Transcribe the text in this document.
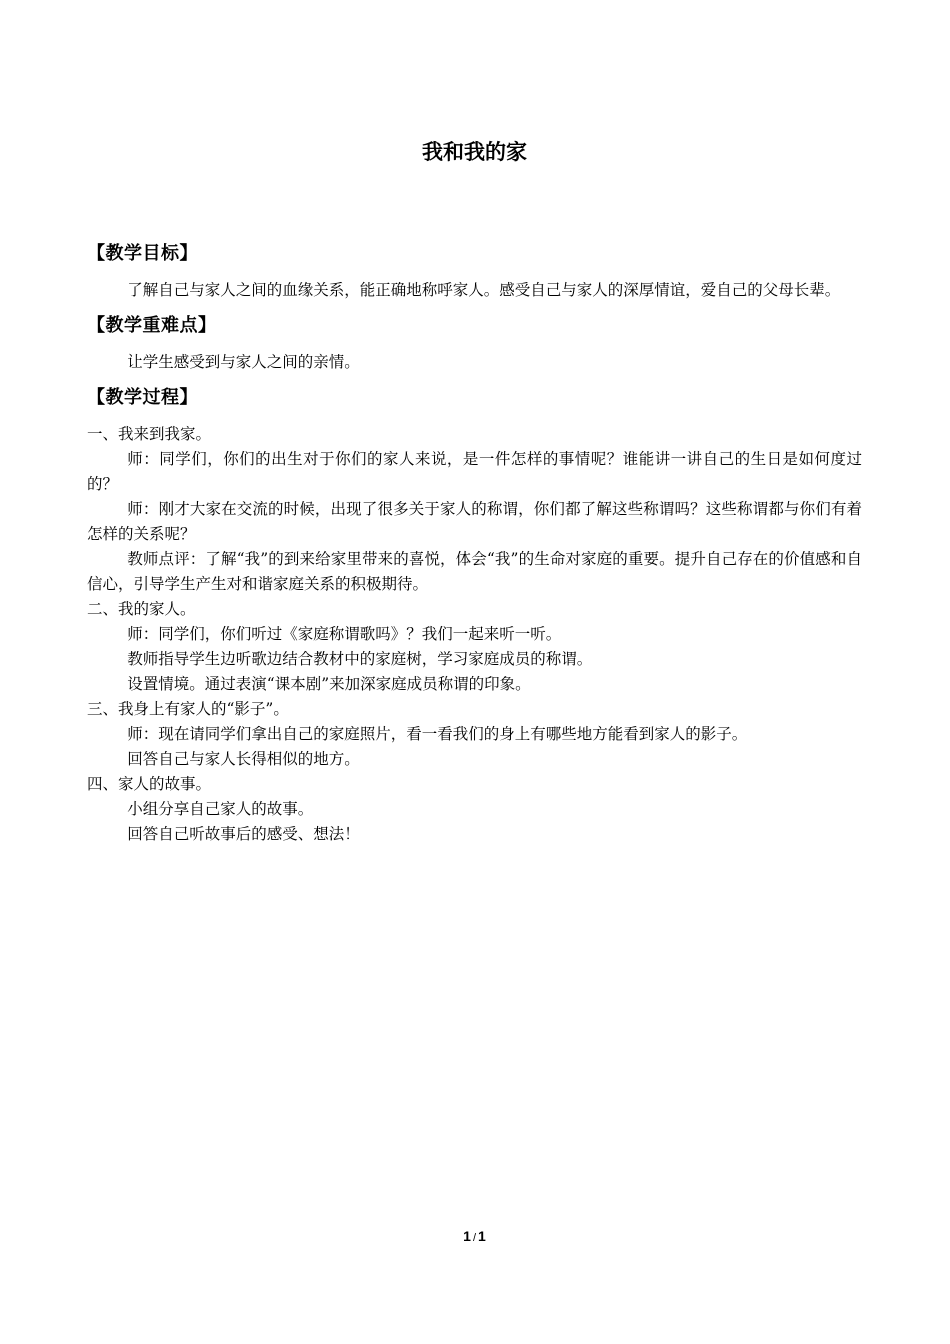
我和我的家

【教学目标】

了解自己与家人之间的血缘关系，能正确地称呼家人。感受自己与家人的深厚情谊，爱自己的父母长辈。

【教学重难点】

让学生感受到与家人之间的亲情。

【教学过程】

一、我来到我家。

师：同学们，你们的出生对于你们的家人来说，是一件怎样的事情呢？谁能讲一讲自己的生日是如何度过的？

师：刚才大家在交流的时候，出现了很多关于家人的称谓，你们都了解这些称谓吗？这些称谓都与你们有着怎样的关系呢？

教师点评：了解“我”的到来给家里带来的喜悦，体会“我”的生命对家庭的重要。提升自己存在的价值感和自信心，引导学生产生对和谐家庭关系的积极期待。

二、我的家人。

师：同学们，你们听过《家庭称谓歌吗》？我们一起来听一听。

教师指导学生边听歌边结合教材中的家庭树，学习家庭成员的称谓。

设置情境。通过表演“课本剧”来加深家庭成员称谓的印象。

三、我身上有家人的“影子”。

师：现在请同学们拿出自己的家庭照片，看一看我们的身上有哪些地方能看到家人的影子。

回答自己与家人长得相似的地方。

四、家人的故事。

小组分享自己家人的故事。

回答自己听故事后的感受、想法！

1 / 1
